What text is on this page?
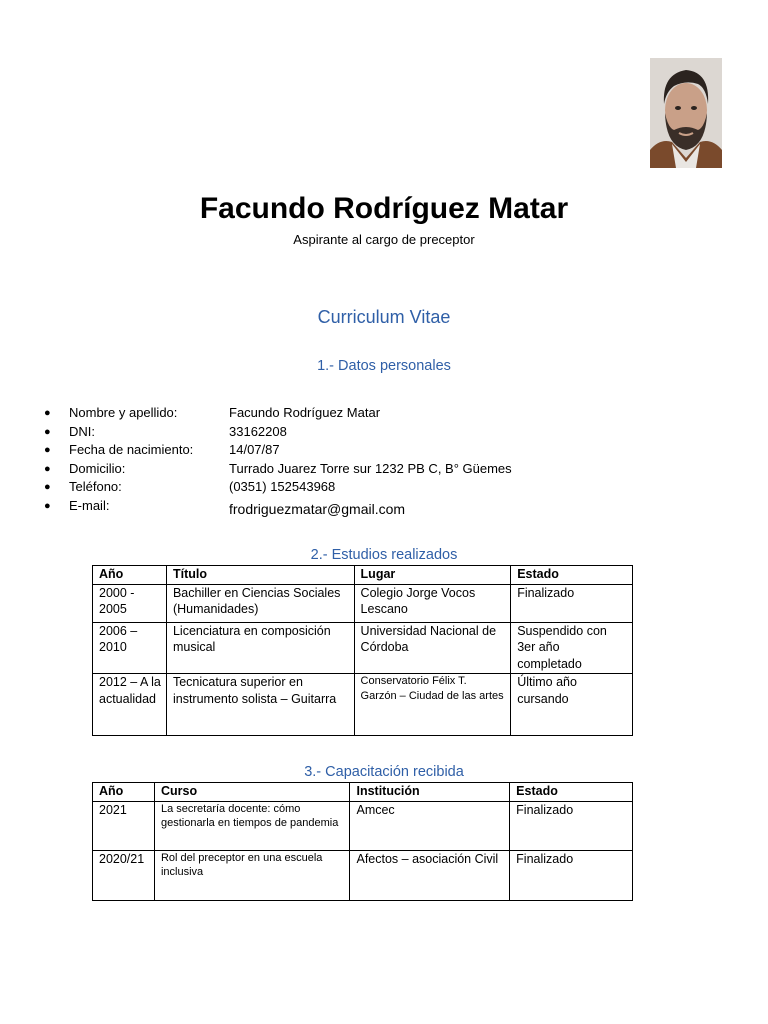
Facundo Rodríguez Matar
Aspirante al cargo de preceptor
Curriculum Vitae
1.- Datos personales
● Nombre y apellido:	Facundo Rodríguez Matar
● DNI:	33162208
● Fecha de nacimiento:	14/07/87
● Domicilio:	Turrado Juarez Torre sur 1232 PB C, B° Güemes
● Teléfono:	(0351) 152543968
● E-mail:	frodriguezmatar@gmail.com
2.- Estudios realizados
Año	Título	Lugar	Estado
2000 - 2005	Bachiller en Ciencias Sociales (Humanidades)	Colegio Jorge Vocos Lescano	Finalizado
2006 – 2010	Licenciatura en composición musical	Universidad Nacional de Córdoba	Suspendido con 3er año completado
2012 – A la actualidad	Tecnicatura superior en instrumento solista – Guitarra	Conservatorio Félix T. Garzón – Ciudad de las artes	Último año cursando
3.- Capacitación recibida
Año	Curso	Institución	Estado
2021	La secretaría docente: cómo gestionarla en tiempos de pandemia	Amcec	Finalizado
2020/21	Rol del preceptor en una escuela inclusiva	Afectos – asociación Civil	Finalizado
